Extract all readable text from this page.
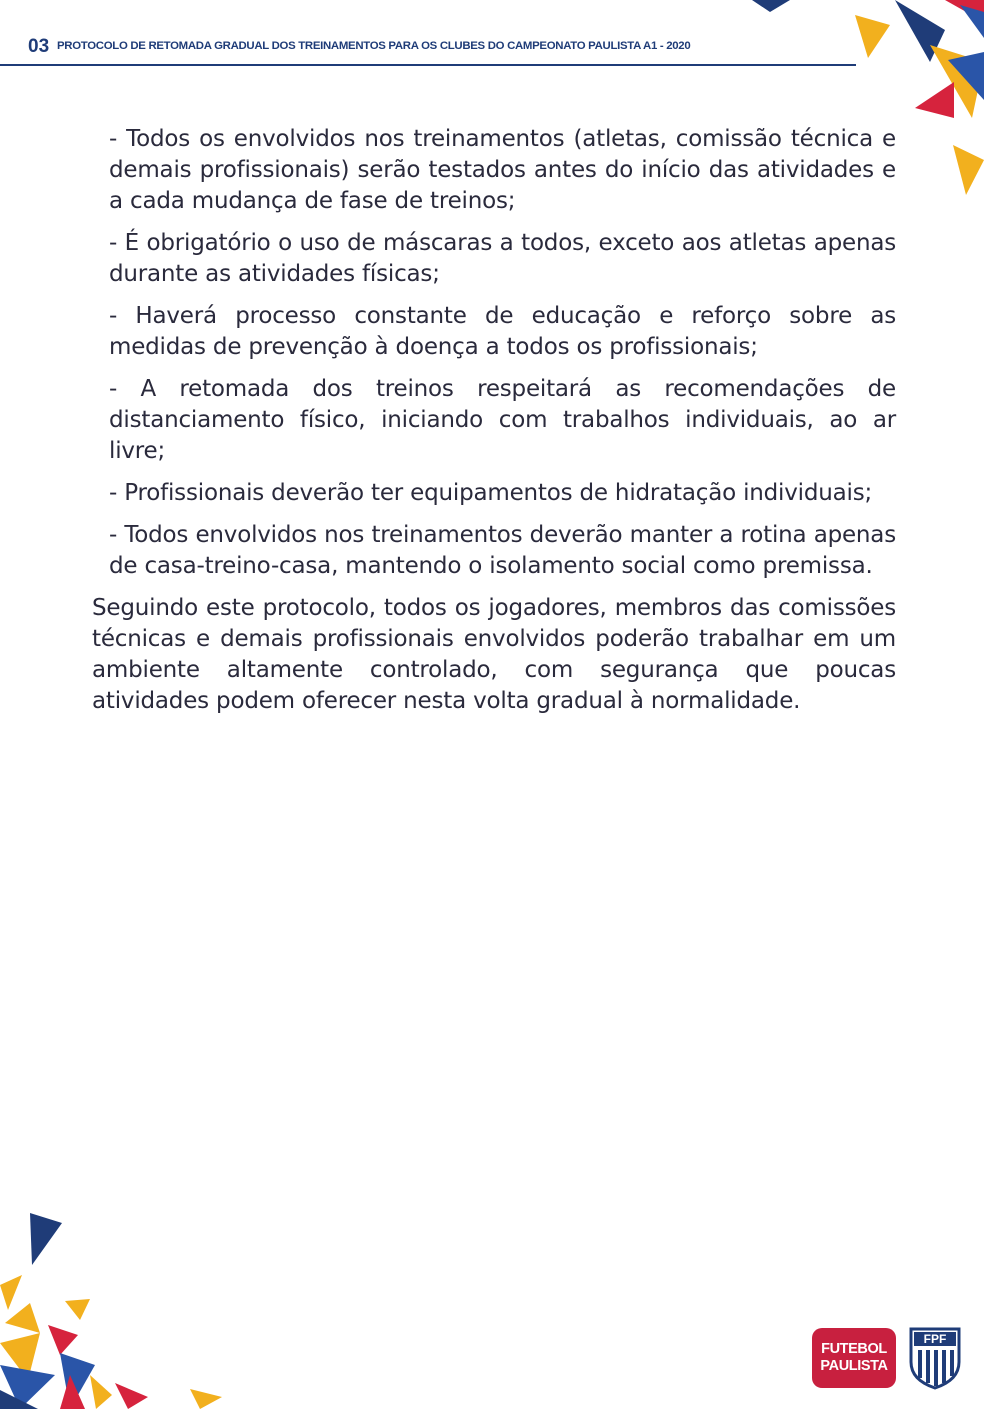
03 PROTOCOLO DE RETOMADA GRADUAL DOS TREINAMENTOS PARA OS CLUBES DO CAMPEONATO PAULISTA A1 - 2020

- Todos os envolvidos nos treinamentos (atletas, comissão técnica e demais profissionais) serão testados antes do início das atividades e a cada mudança de fase de treinos;

- É obrigatório o uso de máscaras a todos, exceto aos atletas apenas durante as atividades físicas;

- Haverá processo constante de educação e reforço sobre as medidas de prevenção à doença a todos os profissionais;

- A retomada dos treinos respeitará as recomendações de distanciamento físico, iniciando com trabalhos individuais, ao ar livre;

- Profissionais deverão ter equipamentos de hidratação individuais;

- Todos envolvidos nos treinamentos deverão manter a rotina apenas de casa-treino-casa, mantendo o isolamento social como premissa.

Seguindo este protocolo, todos os jogadores, membros das comissões técnicas e demais profissionais envolvidos poderão trabalhar em um ambiente altamente controlado, com segurança que poucas atividades podem oferecer nesta volta gradual à normalidade.

FUTEBOL
PAULISTA
FPF
